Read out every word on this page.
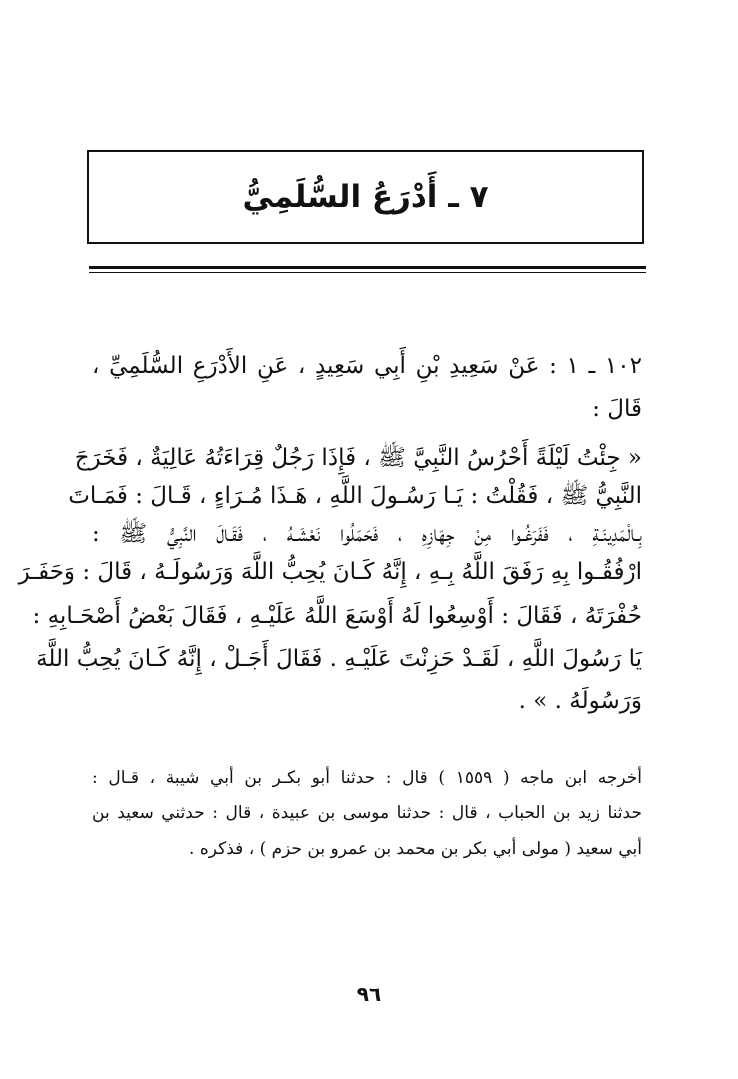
٧ ـ أَدْرَعُ السُّلَمِيُّ
١٠٢ ـ ١ : عَنْ سَعِيدِ بْنِ أَبِي سَعِيدٍ ، عَنِ الأَدْرَعِ السُّلَمِيِّ ،
قَالَ :
« جِئْتُ لَيْلَةً أَحْرُسُ النَّبِيَّ ﷺ ، فَإِذَا رَجُلٌ قِرَاءَتُهُ عَالِيَةٌ ، فَخَرَجَ
النَّبِيُّ ﷺ ، فَقُلْتُ : يَـا رَسُـولَ اللَّهِ ، هَـذَا مُـرَاءٍ ، قَـالَ : فَمَـاتَ
بِـالْمَدِينَـةِ ، فَفَرَغُـوا مِنْ جِهَازِهِ ، فَحَمَلُوا نَعْشَـهُ ، فَقَـالَ النَّبِيُّ ﷺ :
ارْفُقُـوا بِهِ رَفَقَ اللَّهُ بِـهِ ، إِنَّهُ كَـانَ يُحِبُّ اللَّهَ وَرَسُولَـهُ ، قَالَ : وَحَفَـرَ
حُفْرَتَهُ ، فَقَالَ : أَوْسِعُوا لَهُ أَوْسَعَ اللَّهُ عَلَيْـهِ ، فَقَالَ بَعْضُ أَصْحَـابِهِ :
يَا رَسُولَ اللَّهِ ، لَقَـدْ حَزِنْتَ عَلَيْـهِ . فَقَالَ أَجَـلْ ، إِنَّهُ كَـانَ يُحِبُّ اللَّهَ
وَرَسُولَهُ . » .
أخرجه ابن ماجه ( ١٥٥٩ ) قال : حدثنا أبو بكـر بن أبي شيبة ، قـال :
حدثنا زيد بن الحباب ، قال : حدثنا موسى بن عبيدة ، قال : حدثني سعيد بن
أبي سعيد ( مولى أبي بكر بن محمد بن عمرو بن حزم ) ، فذكره .
٩٦
